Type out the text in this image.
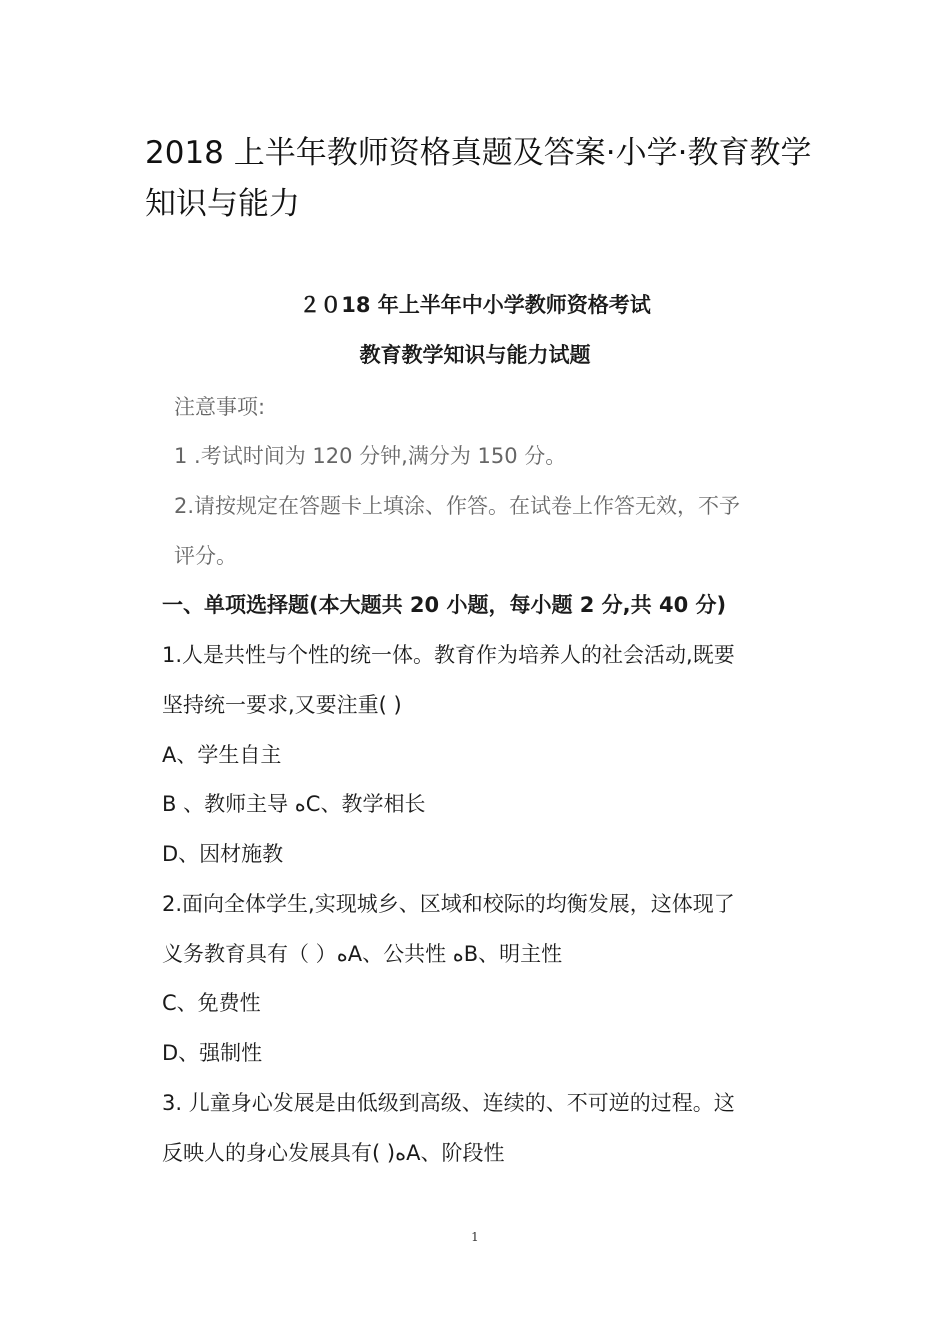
2018 上半年教师资格真题及答案·小学·教育教学知识与能力
２０18 年上半年中小学教师资格考试
教育教学知识与能力试题

注意事项:

1 .考试时间为 120 分钟,满分为 150 分。

2.请按规定在答题卡上填涂、作答。在试卷上作答无效，不予

评分。

一、单项选择题(本大题共 20 小题，每小题 2 分,共 40 分)

1.人是共性与个性的统一体。教育作为培养人的社会活动,既要

坚持统一要求,又要注重( )

A、学生自主

B 、教师主导 ﻩC、教学相长

D、因材施教

2.面向全体学生,实现城乡、区域和校际的均衡发展，这体现了

义务教育具有（ ）ﻩA、公共性 ﻩB、明主性

C、免费性

D、强制性

3. 儿童身心发展是由低级到高级、连续的、不可逆的过程。这

反映人的身心发展具有( )ﻩA、阶段性

1
